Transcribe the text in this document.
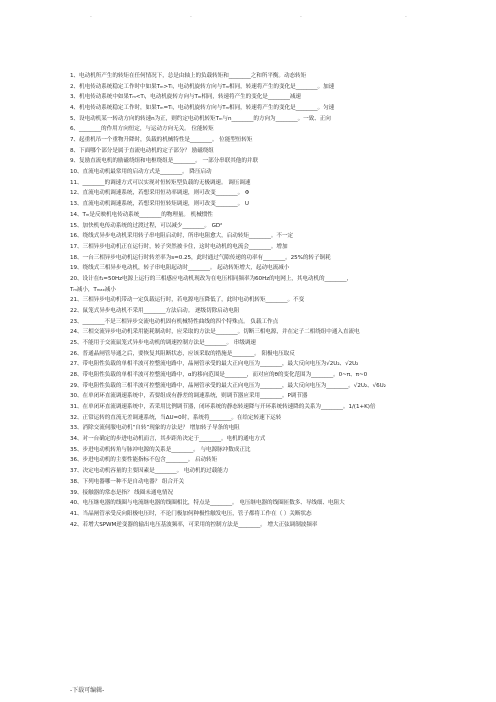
.	.	.	.
1、电动机所产生的转矩在任何情况下，总是由轴上的负载转矩和________之和所平衡。动态转矩
2、机电传动系统稳定工作时中如果Tₘ>Tₗ，电动机旋转方向与Tₘ相同，转速将产生的变化是________。加速
3、机电传动系统中如果Tₘ<Tₗ，电动机旋转方向与Tₘ相同，转速将产生的变化是________减速
4、机电传动系统稳定工作时，如果Tₘ=Tₗ，电动机旋转方向与Tₘ相同，转速将产生的变化是________。匀速
5、设电动机某一转动方向的转速n为正，则约定电动机转矩Tₘ与n________的方向为________。一致、正向
6、________的作用方向恒定，与运动方向无关。 位能转矩
7、起重机吊一个重物升降时，负载的机械特性是________。 位能型恒转矩
8、下面哪个部分是属于直流电动机的定子部分？ 励磁绕组
9、复励直流电机的励磁绕组和电枢绕组是________。 一部分串联其他的并联
10、直流电动机最常用的启动方式是________。 降压启动
11、________的调速方式可以实现对恒转矩型负载的无极调速。 调压调速
12、直流电动机调速系统，若想采用恒功率调速，则可改变________。 Φ
13、直流电动机调速系统，若想采用恒转矩调速，则可改变________。 U
14、Tₘ是反映机电传动系统________的物理量。 机械惯性
15、加快机电传动系统的过渡过程，可以减少________。 GD²
16、绕线式异步电动机采用转子串电阻启动时，所串电阻愈大，启动转矩________。不一定
17、三相异步电动机正在运行时，转子突然被卡住，这时电动机的电流会________。增加
18、一台三相异步电动机运行时转差率为s=0.25，此时通过气隙传递的功率有________。25%的转子铜耗
19、绕线式三相异步电动机，转子串电阻起动时________。 起动转矩增大，起动电流减小
20、设计在f₁=50Hz电源上运行的三相感应电动机现改为在电压相同频率为60Hz的电网上，其电动机的________，
Tₘ减小，Tₘₐₓ减小
21、三相异步电动机带动一定负载运行时，若电源电压降低了，此时电动机转矩________。不变
22、鼠笼式异步电动机不采用________方法启动。 逐级切除启动电阻
23、________不是三相异步交流电动机固有机械特性曲线的四个特殊点。 负载工作点
24、三相交流异步电动机采用能耗制动时，应采取的方法是________。切断三相电源，并在定子二相绕组中通入直流电
25、不能用于交流鼠笼式异步电动机的调速控制方法是________。 串级调速
26、普通晶闸管导通之后，要恢复其阻断状态，应该采取的措施是________。 阳极电压取反
27、带电阻性负载的单相半波可控整流电路中，晶闸管承受的最大正向电压为________，最大反向电压为√2U₂、√2U₂
28、带电阻性负载的单相半波可控整流电路中，α的移向范围是________，而对应的θ的变化范围为________。0~π、π~0
29、带电阻性负载的三相半波可控整流电路中，晶闸管承受的最大正向电压为________，最大反向电压为________。√2U₂、√6U₂
30、在单闭环直流调速系统中，若要组成有静差的调速系统，则调节器应采用________。P调节器
31、在单闭环直流调速系统中，若采用比例调节器，闭环系统的静态转速降与开环系统转速降的关系为________。1/(1+K)倍
32、正常运转的直流无差调速系统，当ΔU=0时，系统将________。在给定转速下运转
33、消除交流伺服电动机“自转”现象的方法是？ 增加转子导条的电阻
34、对一台确定的步进电动机而言，其步距角决定于________。电机的通电方式
35、步进电动机转角与脉冲电源的关系是________。 与电源脉冲数成正比
36、步进电动机的主要性能指标不包含________。 启动转矩
37、决定电动机容量的主要因素是________。 电动机的过载能力
38、下列电器哪一种不是自动电器？ 组合开关
39、接触器的常态是指？ 线圈未通电情况
40、电压继电器的线圈与电流继电器的线圈相比，特点是________。 电压继电器的线圈匝数多、导线细、电阻大
41、当晶闸管承受反向阳极电压时，不论门极加何种极性触发电压，管子都将工作在（ ）关断状态
42、若增大SPWM逆变器的输出电压基波频率，可采用的控制方法是________。 增大正弦调制波频率
-下载可编辑-
